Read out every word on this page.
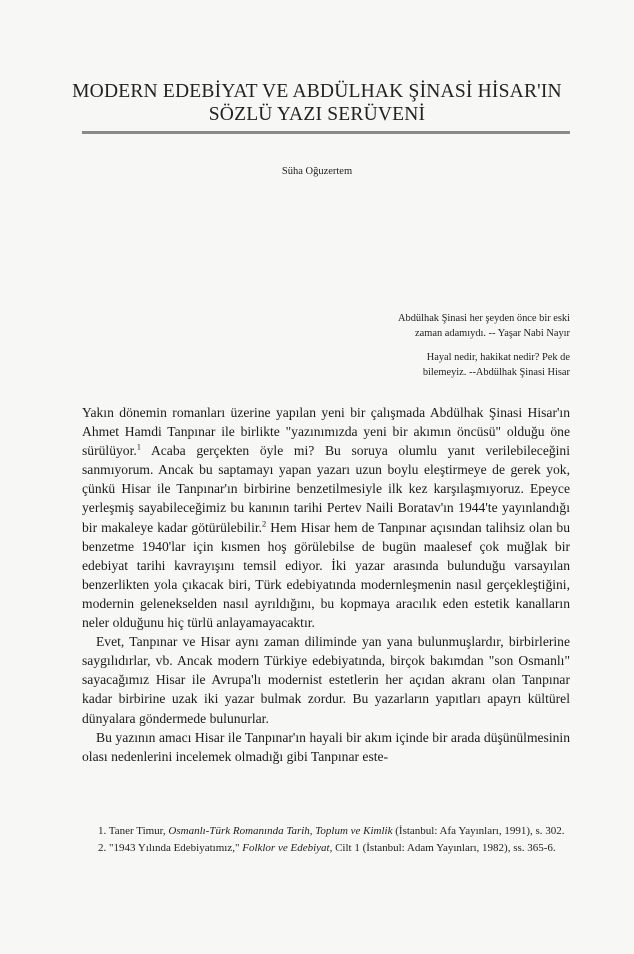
MODERN EDEBİYAT VE ABDÜLHAK ŞİNASİ HİSAR'IN
SÖZLÜ YAZI SERÜVENİ
Süha Oğuzertem
Abdülhak Şinasi her şeyden önce bir eski
zaman adamıydı. -- Yaşar Nabi Nayır
Hayal nedir, hakikat nedir? Pek de
bilemeyiz. --Abdülhak Şinasi Hisar

Yakın dönemin romanları üzerine yapılan yeni bir çalışmada Abdülhak Şinasi Hisar'ın Ahmet Hamdi Tanpınar ile birlikte "yazınımızda yeni bir akımın öncüsü" olduğu öne sürülüyor.$^1$ Acaba gerçekten öyle mi? Bu soruya olumlu yanıt verilebileceğini sanmıyorum. Ancak bu saptamayı yapan yazarı uzun boylu eleştirmeye de gerek yok, çünkü Hisar ile Tanpınar'ın birbirine benzetilmesiyle ilk kez karşılaşmıyoruz. Epeyce yerleşmiş sayabileceğimiz bu kanının tarihi Pertev Naili Boratav'ın 1944'te yayınlandığı bir makaleye kadar götürülebilir.$^2$ Hem Hisar hem de Tanpınar açısından talihsiz olan bu benzetme 1940'lar için kısmen hoş görülebilse de bugün maalesef çok muğlak bir edebiyat tarihi kavrayışını temsil ediyor. İki yazar arasında bulunduğu varsayılan benzerlikten yola çıkacak biri, Türk edebiyatında modernleşmenin nasıl gerçekleştiğini, modernin gelenekselden nasıl ayrıldığını, bu kopmaya aracılık eden estetik kanalların neler olduğunu hiç türlü anlayamayacaktır.

Evet, Tanpınar ve Hisar aynı zaman diliminde yan yana bulunmuşlardır, birbirlerine saygılıdırlar, vb. Ancak modern Türkiye edebiyatında, birçok bakımdan "son Osmanlı" sayacağımız Hisar ile Avrupa'lı modernist estetlerin her açıdan akranı olan Tanpınar kadar birbirine uzak iki yazar bulmak zordur. Bu yazarların yapıtları apayrı kültürel dünyalara göndermede bulunurlar.

Bu yazının amacı Hisar ile Tanpınar'ın hayali bir akım içinde bir arada düşünülmesinin olası nedenlerini incelemek olmadığı gibi Tanpınar este-

1. Taner Timur, Osmanlı-Türk Romanında Tarih, Toplum ve Kimlik (İstanbul: Afa Yayınları, 1991), s. 302.

2. "1943 Yılında Edebiyatımız," Folklor ve Edebiyat, Cilt 1 (İstanbul: Adam Yayınları, 1982), ss. 365-6.
